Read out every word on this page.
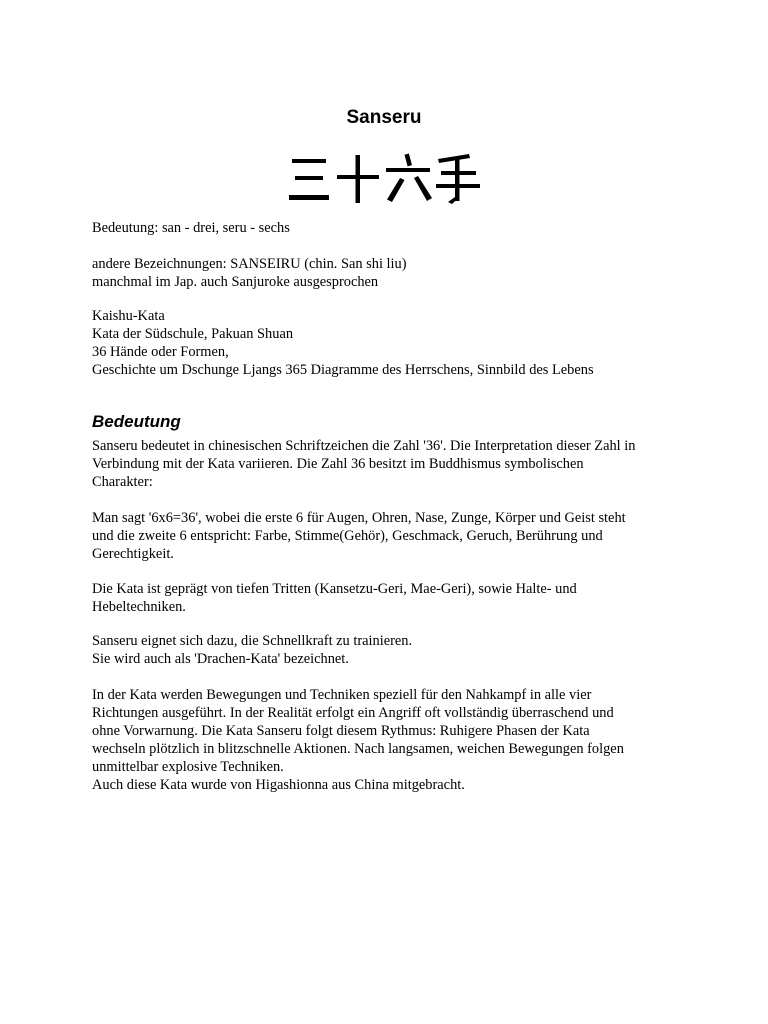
Sanseru

Bedeutung: san - drei, seru - sechs

andere Bezeichnungen: SANSEIRU (chin. San shi liu)
manchmal im Jap. auch Sanjuroke ausgesprochen

Kaishu-Kata
Kata der Südschule, Pakuan Shuan
36 Hände oder Formen,
Geschichte um Dschunge Ljangs 365 Diagramme des Herrschens, Sinnbild des Lebens

Bedeutung

Sanseru bedeutet in chinesischen Schriftzeichen die Zahl '36'. Die Interpretation dieser Zahl in
Verbindung mit der Kata variieren. Die Zahl 36 besitzt im Buddhismus symbolischen
Charakter:

Man sagt '6x6=36', wobei die erste 6 für Augen, Ohren, Nase, Zunge, Körper und Geist steht
und die zweite 6 entspricht: Farbe, Stimme(Gehör), Geschmack, Geruch, Berührung und
Gerechtigkeit.

Die Kata ist geprägt von tiefen Tritten (Kansetzu-Geri, Mae-Geri), sowie Halte- und
Hebeltechniken.

Sanseru eignet sich dazu, die Schnellkraft zu trainieren.
Sie wird auch als 'Drachen-Kata' bezeichnet.

In der Kata werden Bewegungen und Techniken speziell für den Nahkampf in alle vier
Richtungen ausgeführt. In der Realität erfolgt ein Angriff oft vollständig überraschend und
ohne Vorwarnung. Die Kata Sanseru folgt diesem Rythmus: Ruhigere Phasen der Kata
wechseln plötzlich in blitzschnelle Aktionen. Nach langsamen, weichen Bewegungen folgen
unmittelbar explosive Techniken.
Auch diese Kata wurde von Higashionna aus China mitgebracht.
